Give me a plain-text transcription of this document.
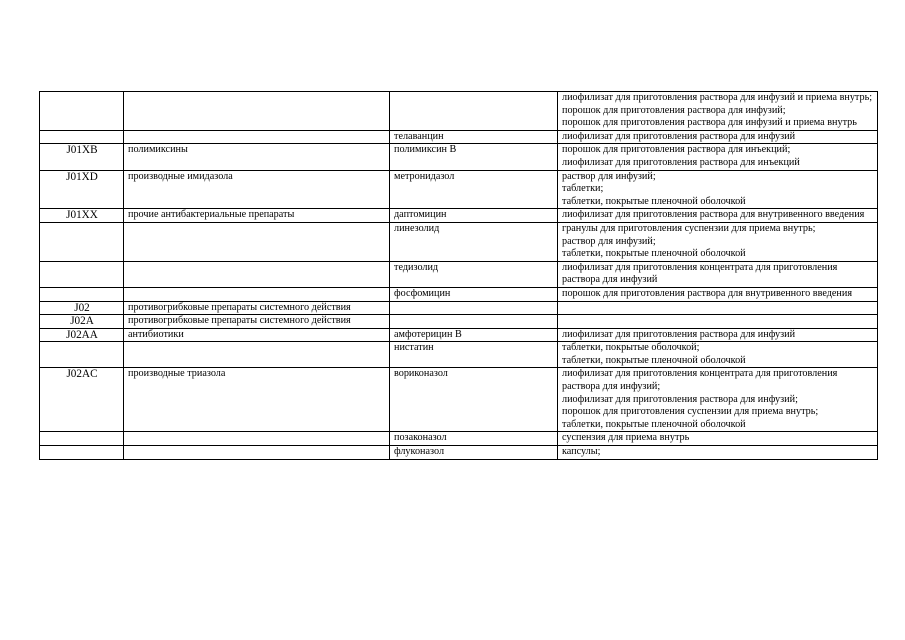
			лиофилизат для приготовления раствора для инфузий и приема внутрь;
порошок для приготовления раствора для инфузий;
порошок для приготовления раствора для инфузий и приема внутрь
		телаванцин	лиофилизат для приготовления раствора для инфузий
J01XB	полимиксины	полимиксин В	порошок для приготовления раствора для инъекций;
лиофилизат для приготовления раствора для инъекций
J01XD	производные имидазола	метронидазол	раствор для инфузий;
таблетки;
таблетки, покрытые пленочной оболочкой
J01XX	прочие антибактериальные препараты	даптомицин	лиофилизат для приготовления раствора для внутривенного введения
		линезолид	гранулы для приготовления суспензии для приема внутрь;
раствор для инфузий;
таблетки, покрытые пленочной оболочкой
		тедизолид	лиофилизат для приготовления концентрата для приготовления раствора для инфузий
		фосфомицин	порошок для приготовления раствора для внутривенного введения
J02	противогрибковые препараты системного действия		
J02A	противогрибковые препараты системного действия		
J02AA	антибиотики	амфотерицин В	лиофилизат для приготовления раствора для инфузий
		нистатин	таблетки, покрытые оболочкой;
таблетки, покрытые пленочной оболочкой
J02AC	производные триазола	вориконазол	лиофилизат для приготовления концентрата для приготовления раствора для инфузий;
лиофилизат для приготовления раствора для инфузий;
порошок для приготовления суспензии для приема внутрь;
таблетки, покрытые пленочной оболочкой
		позаконазол	суспензия для приема внутрь
		флуконазол	капсулы;
